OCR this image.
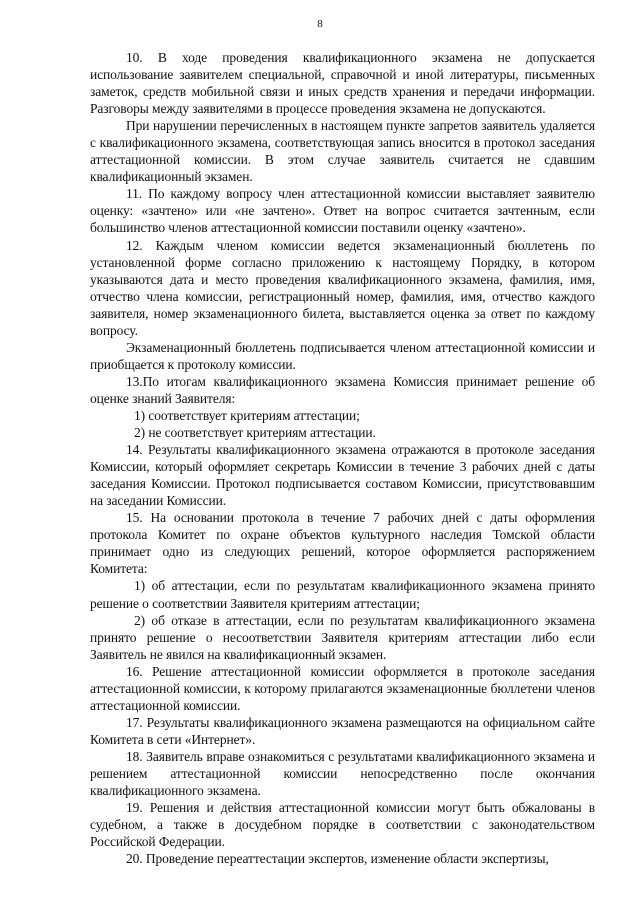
8

10. В ходе проведения квалификационного экзамена не допускается использование заявителем специальной, справочной и иной литературы, письменных заметок, средств мобильной связи и иных средств хранения и передачи информации. Разговоры между заявителями в процессе проведения экзамена не допускаются.

При нарушении перечисленных в настоящем пункте запретов заявитель удаляется с квалификационного экзамена, соответствующая запись вносится в протокол заседания аттестационной комиссии. В этом случае заявитель считается не сдавшим квалификационный экзамен.

11. По каждому вопросу член аттестационной комиссии выставляет заявителю оценку: «зачтено» или «не зачтено». Ответ на вопрос считается зачтенным, если большинство членов аттестационной комиссии поставили оценку «зачтено».

12. Каждым членом комиссии ведется экзаменационный бюллетень по установленной форме согласно приложению к настоящему Порядку, в котором указываются дата и место проведения квалификационного экзамена, фамилия, имя, отчество члена комиссии, регистрационный номер, фамилия, имя, отчество каждого заявителя, номер экзаменационного билета, выставляется оценка за ответ по каждому вопросу.

Экзаменационный бюллетень подписывается членом аттестационной комиссии и приобщается к протоколу комиссии.

13.По итогам квалификационного экзамена Комиссия принимает решение об оценке знаний Заявителя:

1) соответствует критериям аттестации;

2) не соответствует критериям аттестации.

14. Результаты квалификационного экзамена отражаются в протоколе заседания Комиссии, который оформляет секретарь Комиссии в течение 3 рабочих дней с даты заседания Комиссии. Протокол подписывается составом Комиссии, присутствовавшим на заседании Комиссии.

15. На основании протокола в течение 7 рабочих дней с даты оформления протокола Комитет по охране объектов культурного наследия Томской области принимает одно из следующих решений, которое оформляется распоряжением Комитета:

1) об аттестации, если по результатам квалификационного экзамена принято решение о соответствии Заявителя критериям аттестации;

2) об отказе в аттестации, если по результатам квалификационного экзамена принято решение о несоответствии Заявителя критериям аттестации либо если Заявитель не явился на квалификационный экзамен.

16. Решение аттестационной комиссии оформляется в протоколе заседания аттестационной комиссии, к которому прилагаются экзаменационные бюллетени членов аттестационной комиссии.

17. Результаты квалификационного экзамена размещаются на официальном сайте Комитета в сети «Интернет».

18. Заявитель вправе ознакомиться с результатами квалификационного экзамена и решением аттестационной комиссии непосредственно после окончания квалификационного экзамена.

19. Решения и действия аттестационной комиссии могут быть обжалованы в судебном, а также в досудебном порядке в соответствии с законодательством Российской Федерации.

20. Проведение переаттестации экспертов, изменение области экспертизы,
